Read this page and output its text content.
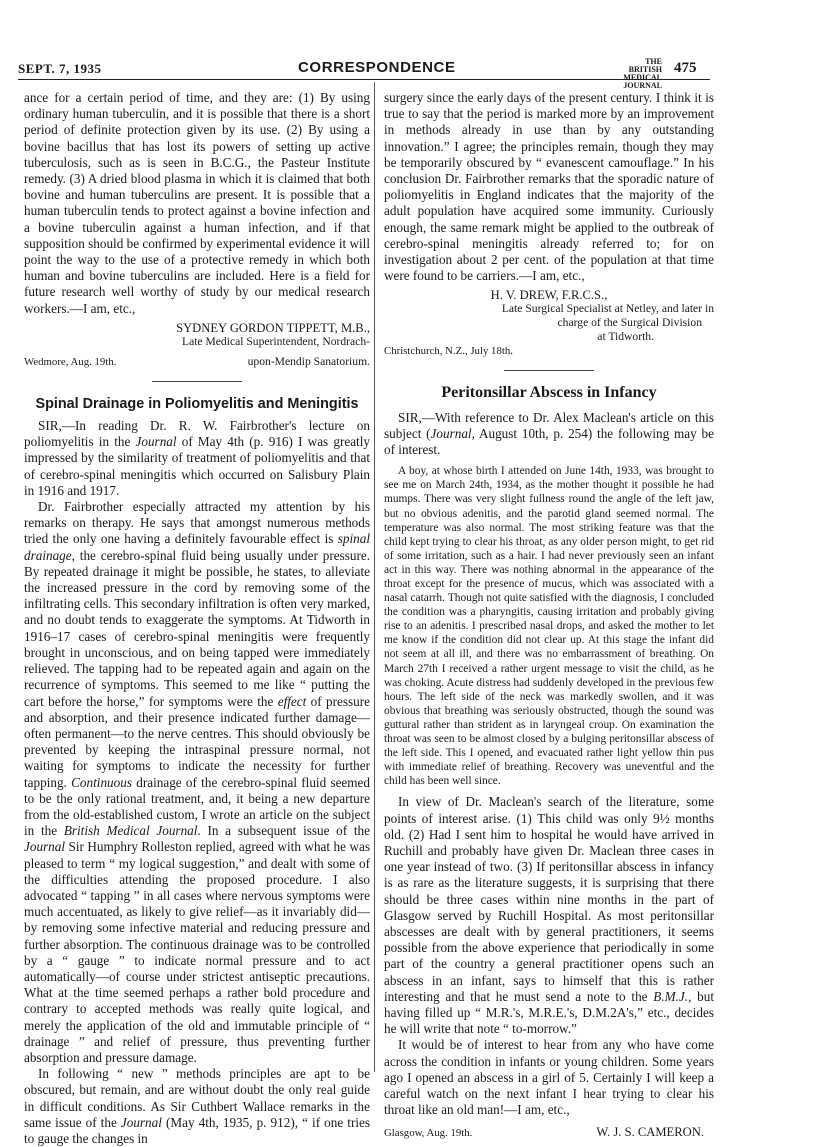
SEPT. 7, 1935	CORRESPONDENCE	THE BRITISH
MEDICAL JOURNAL
475

ance for a certain period of time, and they are: (1) By using ordinary human tuberculin, and it is possible that there is a short period of definite protection given by its use. (2) By using a bovine bacillus that has lost its powers of setting up active tuberculosis, such as is seen in B.C.G., the Pasteur Institute remedy. (3) A dried blood plasma in which it is claimed that both bovine and human tuberculins are present. It is possible that a human tuberculin tends to protect against a bovine infection and a bovine tuberculin against a human infection, and if that supposition should be confirmed by experimental evidence it will point the way to the use of a protective remedy in which both human and bovine tuberculins are included. Here is a field for future research well worthy of study by our medical research workers.—I am, etc.,

SYDNEY GORDON TIPPETT, M.B.,
Late Medical Superintendent, Nordrach-
Wedmore, Aug. 19th.	upon-Mendip Sanatorium.
Spinal Drainage in Poliomyelitis and Meningitis

SIR,—In reading Dr. R. W. Fairbrother's lecture on poliomyelitis in the Journal of May 4th (p. 916) I was greatly impressed by the similarity of treatment of poliomyelitis and that of cerebro-spinal meningitis which occurred on Salisbury Plain in 1916 and 1917.

Dr. Fairbrother especially attracted my attention by his remarks on therapy. He says that amongst numerous methods tried the only one having a definitely favourable effect is spinal drainage, the cerebro-spinal fluid being usually under pressure. By repeated drainage it might be possible, he states, to alleviate the increased pressure in the cord by removing some of the infiltrating cells. This secondary infiltration is often very marked, and no doubt tends to exaggerate the symptoms. At Tidworth in 1916–17 cases of cerebro-spinal meningitis were frequently brought in unconscious, and on being tapped were immediately relieved. The tapping had to be repeated again and again on the recurrence of symptoms. This seemed to me like “ putting the cart before the horse,” for symptoms were the effect of pressure and absorption, and their presence indicated further damage—often permanent—to the nerve centres. This should obviously be prevented by keeping the intraspinal pressure normal, not waiting for symptoms to indicate the necessity for further tapping. Continuous drainage of the cerebro-spinal fluid seemed to be the only rational treatment, and, it being a new departure from the old-established custom, I wrote an article on the subject in the British Medical Journal. In a subsequent issue of the Journal Sir Humphry Rolleston replied, agreed with what he was pleased to term “ my logical suggestion,” and dealt with some of the difficulties attending the proposed procedure. I also advocated “ tapping ” in all cases where nervous symptoms were much accentuated, as likely to give relief—as it invariably did—by removing some infective material and reducing pressure and further absorption. The continuous drainage was to be controlled by a “ gauge ” to indicate normal pressure and to act automatically—of course under strictest antiseptic precautions. What at the time seemed perhaps a rather bold procedure and contrary to accepted methods was really quite logical, and merely the application of the old and immutable principle of “ drainage ” and relief of pressure, thus preventing further absorption and pressure damage.

In following “ new ” methods principles are apt to be obscured, but remain, and are without doubt the only real guide in difficult conditions. As Sir Cuthbert Wallace remarks in the same issue of the Journal (May 4th, 1935, p. 912), “ if one tries to gauge the changes in

surgery since the early days of the present century. I think it is true to say that the period is marked more by an improvement in methods already in use than by any outstanding innovation.” I agree; the principles remain, though they may be temporarily obscured by “ evanescent camouflage.” In his conclusion Dr. Fairbrother remarks that the sporadic nature of poliomyelitis in England indicates that the majority of the adult population have acquired some immunity. Curiously enough, the same remark might be applied to the outbreak of cerebro-spinal meningitis already referred to; for on investigation about 2 per cent. of the population at that time were found to be carriers.—I am, etc.,

H. V. DREW, F.R.C.S.,
Late Surgical Specialist at Netley, and later in
charge of the Surgical Division
at Tidworth.
Christchurch, N.Z., July 18th.
Peritonsillar Abscess in Infancy

SIR,—With reference to Dr. Alex Maclean's article on this subject (Journal, August 10th, p. 254) the following may be of interest.

A boy, at whose birth I attended on June 14th, 1933, was brought to see me on March 24th, 1934, as the mother thought it possible he had mumps. There was very slight fullness round the angle of the left jaw, but no obvious adenitis, and the parotid gland seemed normal. The temperature was also normal. The most striking feature was that the child kept trying to clear his throat, as any older person might, to get rid of some irritation, such as a hair. I had never previously seen an infant act in this way. There was nothing abnormal in the appearance of the throat except for the presence of mucus, which was associated with a nasal catarrh. Though not quite satisfied with the diagnosis, I concluded the condition was a pharyngitis, causing irritation and probably giving rise to an adenitis. I prescribed nasal drops, and asked the mother to let me know if the condition did not clear up. At this stage the infant did not seem at all ill, and there was no embarrassment of breathing. On March 27th I received a rather urgent message to visit the child, as he was choking. Acute distress had suddenly developed in the previous few hours. The left side of the neck was markedly swollen, and it was obvious that breathing was seriously obstructed, though the sound was guttural rather than strident as in laryngeal croup. On examination the throat was seen to be almost closed by a bulging peritonsillar abscess of the left side. This I opened, and evacuated rather light yellow thin pus with immediate relief of breathing. Recovery was uneventful and the child has been well since.

In view of Dr. Maclean's search of the literature, some points of interest arise. (1) This child was only 9½ months old. (2) Had I sent him to hospital he would have arrived in Ruchill and probably have given Dr. Maclean three cases in one year instead of two. (3) If peritonsillar abscess in infancy is as rare as the literature suggests, it is surprising that there should be three cases within nine months in the part of Glasgow served by Ruchill Hospital. As most peritonsillar abscesses are dealt with by general practitioners, it seems possible from the above experience that periodically in some part of the country a general practitioner opens such an abscess in an infant, says to himself that this is rather interesting and that he must send a note to the B.M.J., but having filled up “ M.R.'s, M.R.E.'s, D.M.2A's,” etc., decides he will write that note “ to-morrow.”

It would be of interest to hear from any who have come across the condition in infants or young children. Some years ago I opened an abscess in a girl of 5. Certainly I will keep a careful watch on the next infant I hear trying to clear his throat like an old man!—I am, etc.,

Glasgow, Aug. 19th.	W. J. S. CAMERON.
